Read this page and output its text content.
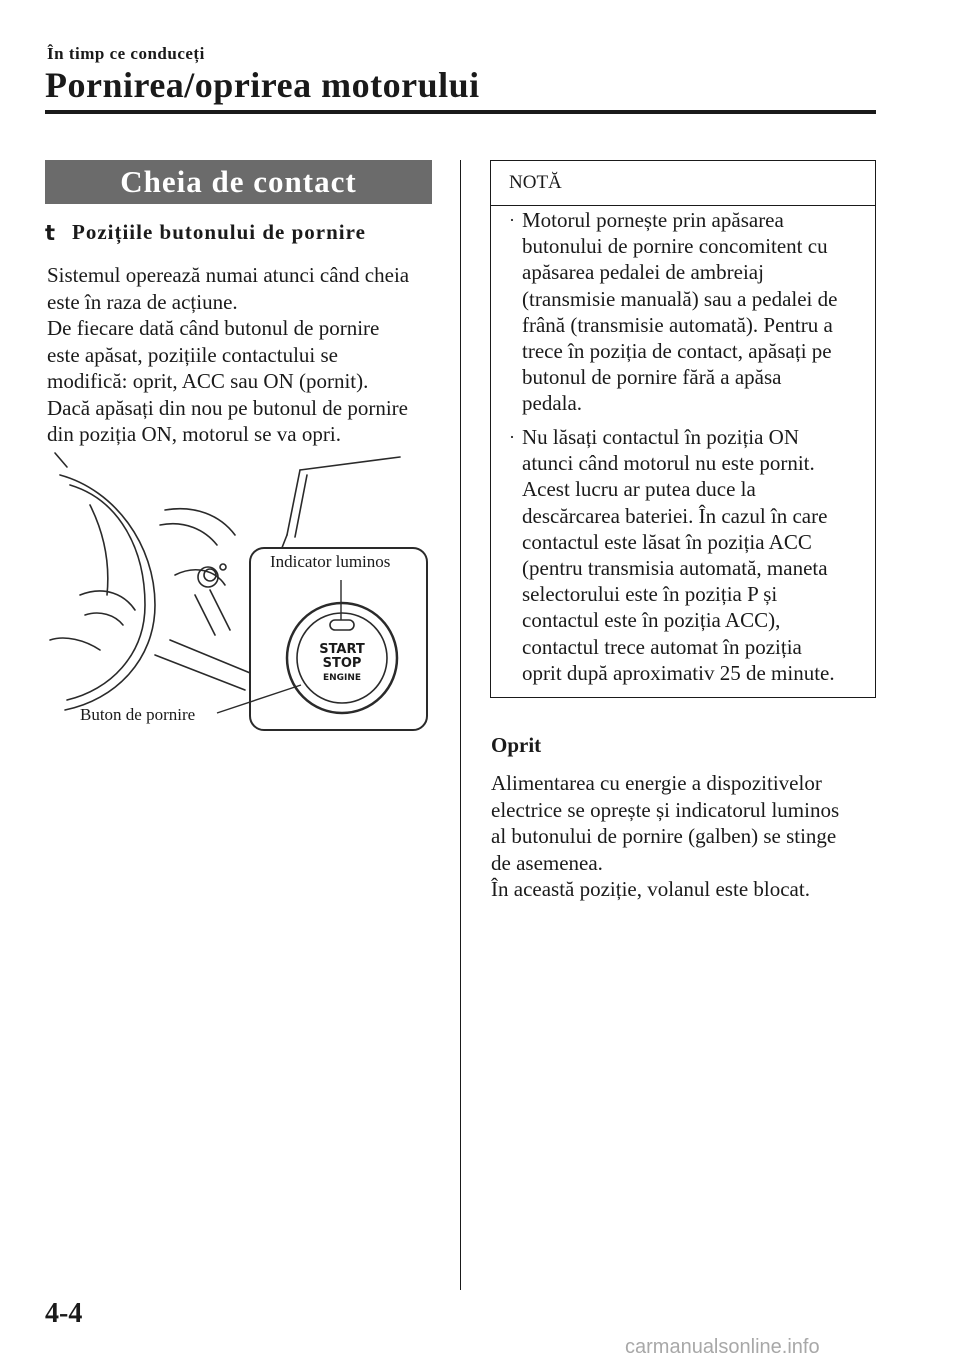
În timp ce conduceți
Pornirea/oprirea motorului
Cheia de contact
t Pozițiile butonului de pornire
Sistemul operează numai atunci când cheia
este în raza de acțiune.
De fiecare dată când butonul de pornire
este apăsat, pozițiile contactului se
modifică: oprit, ACC sau ON (pornit).
Dacă apăsați din nou pe butonul de pornire
din poziția ON, motorul se va opri.
START
STOP
ENGINE
Indicator luminos
Buton de pornire
NOTĂ
· Motorul pornește prin apăsarea
butonului de pornire concomitent cu
apăsarea pedalei de ambreiaj
(transmisie manuală) sau a pedalei de
frână (transmisie automată). Pentru a
trece în poziția de contact, apăsați pe
butonul de pornire fără a apăsa
pedala.
· Nu lăsați contactul în poziția ON
atunci când motorul nu este pornit.
Acest lucru ar putea duce la
descărcarea bateriei. În cazul în care
contactul este lăsat în poziția ACC
(pentru transmisia automată, maneta
selectorului este în poziția P și
contactul este în poziția ACC),
contactul trece automat în poziția
oprit după aproximativ 25 de minute.
Oprit
Alimentarea cu energie a dispozitivelor
electrice se oprește și indicatorul luminos
al butonului de pornire (galben) se stinge
de asemenea.
În această poziție, volanul este blocat.
4-4
carmanualsonline.info
